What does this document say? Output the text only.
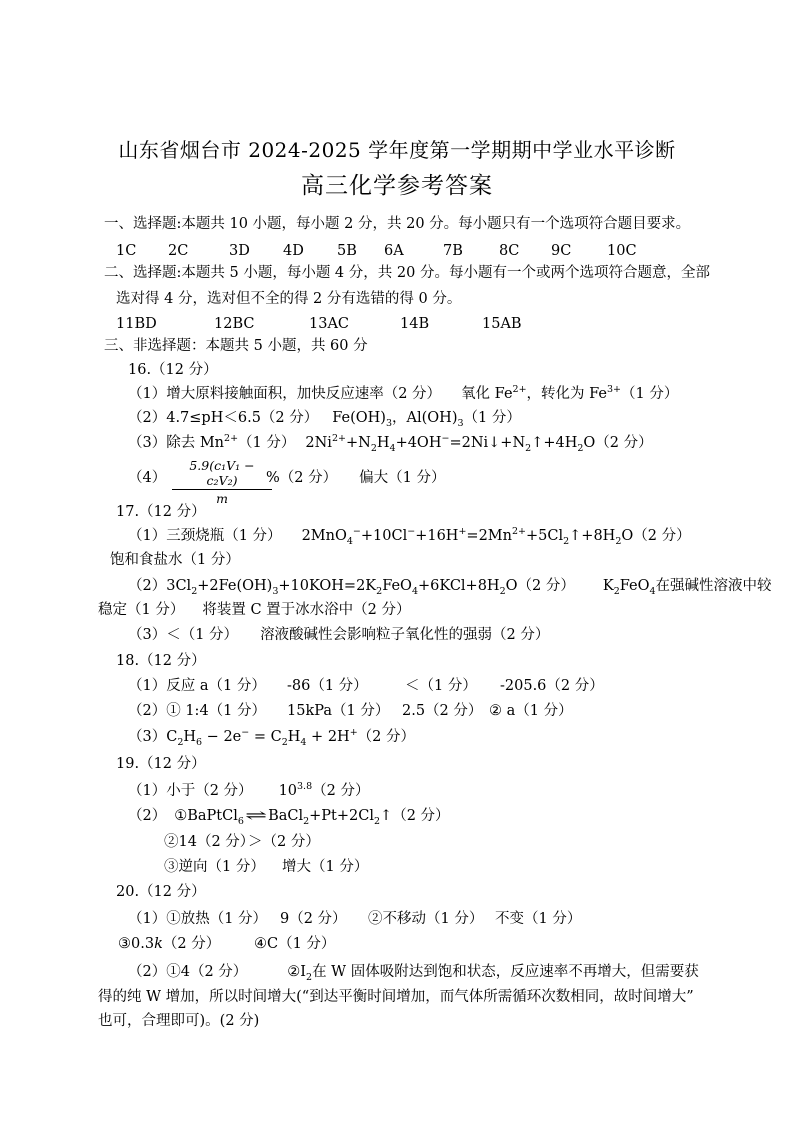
山东省烟台市 2024-2025 学年度第一学期期中学业水平诊断
高三化学参考答案
一、选择题:本题共 10 小题，每小题 2 分，共 20 分。每小题只有一个选项符合题目要求。
1C 2C	3D 4D 5B 6A	7B 8C 9C 10C
二、选择题:本题共 5 小题，每小题 4 分，共 20 分。每小题有一个或两个选项符合题意，全部
选对得 4 分，选对但不全的得 2 分有选错的得 0 分。
11BD	12BC	13AC	14B	15AB
三、非选择题：本题共 5 小题，共 60 分
16.（12 分）
（1）增大原料接触面积，加快反应速率（2 分） 氧化 $Fe^{2+}$，转化为 $Fe^{3+}(1$ 分）
（2）4.7≤pH＜6.5（2 分） $Fe(OH)_3$，$Al(OH)_3(1$ 分）
（3）除去 $Mn^{2+}(1$ 分） $2Ni^{2+}+N_2H_4+4OH^-=2Ni↓+N_2↑+4H_2O(2$ 分）
$(4) \frac{\text{5.9(c₁V₁ − c₂V₂)}}{m}$
%（2 分） 偏大（1 分）
17.（12 分）
（1）三颈烧瓶（1 分） $2MnO_4^-+10Cl^-+16H^+=2Mn^{2+}+5Cl_2↑+8H_2O(2$ 分）
饱和食盐水（1 分）
$(2)3Cl_2+2Fe(OH)_3+10KOH=2K_2FeO_4+6KCl+8H_2O(2$ 分） $K_2FeO_4$在强碱性溶液中较
稳定（1 分） 将装置 C 置于冰水浴中（2 分）
（3）＜（1 分） 溶液酸碱性会影响粒子氧化性的强弱（2 分）
18.（12 分）
（1）反应 a（1 分） -86（1 分）	＜（1 分） -205.6（2 分）
（2）① 1:4（1 分） 15kPa（1 分） 2.5（2 分） ② a（1 分）
$(3)C_2H_6 - 2e^- = C_2H_4 + 2H^+(2$ 分）
19.（12 分）
（1）小于（2 分） $10^{3.8}(2$ 分）
（2） $①BaPtCl_6\rightleftharpoons BaCl_2+Pt+2Cl_2↑(2$ 分）
②14（2 分）
＞（2 分）
③逆向（1 分） 增大（1 分）
20.（12 分）
（1）①放热（1 分） 9（2 分） ②不移动（1 分） 不变（1 分）
③0.3k（2 分） ④C（1 分）
（2）①4（2 分）	$②I_2$在 W 固体吸附达到饱和状态，反应速率不再增大，但需要获
得的纯 W 增加，所以时间增大(“到达平衡时间增加，而气体所需循环次数相同，故时间增大”
也可，合理即可)。(2 分)
